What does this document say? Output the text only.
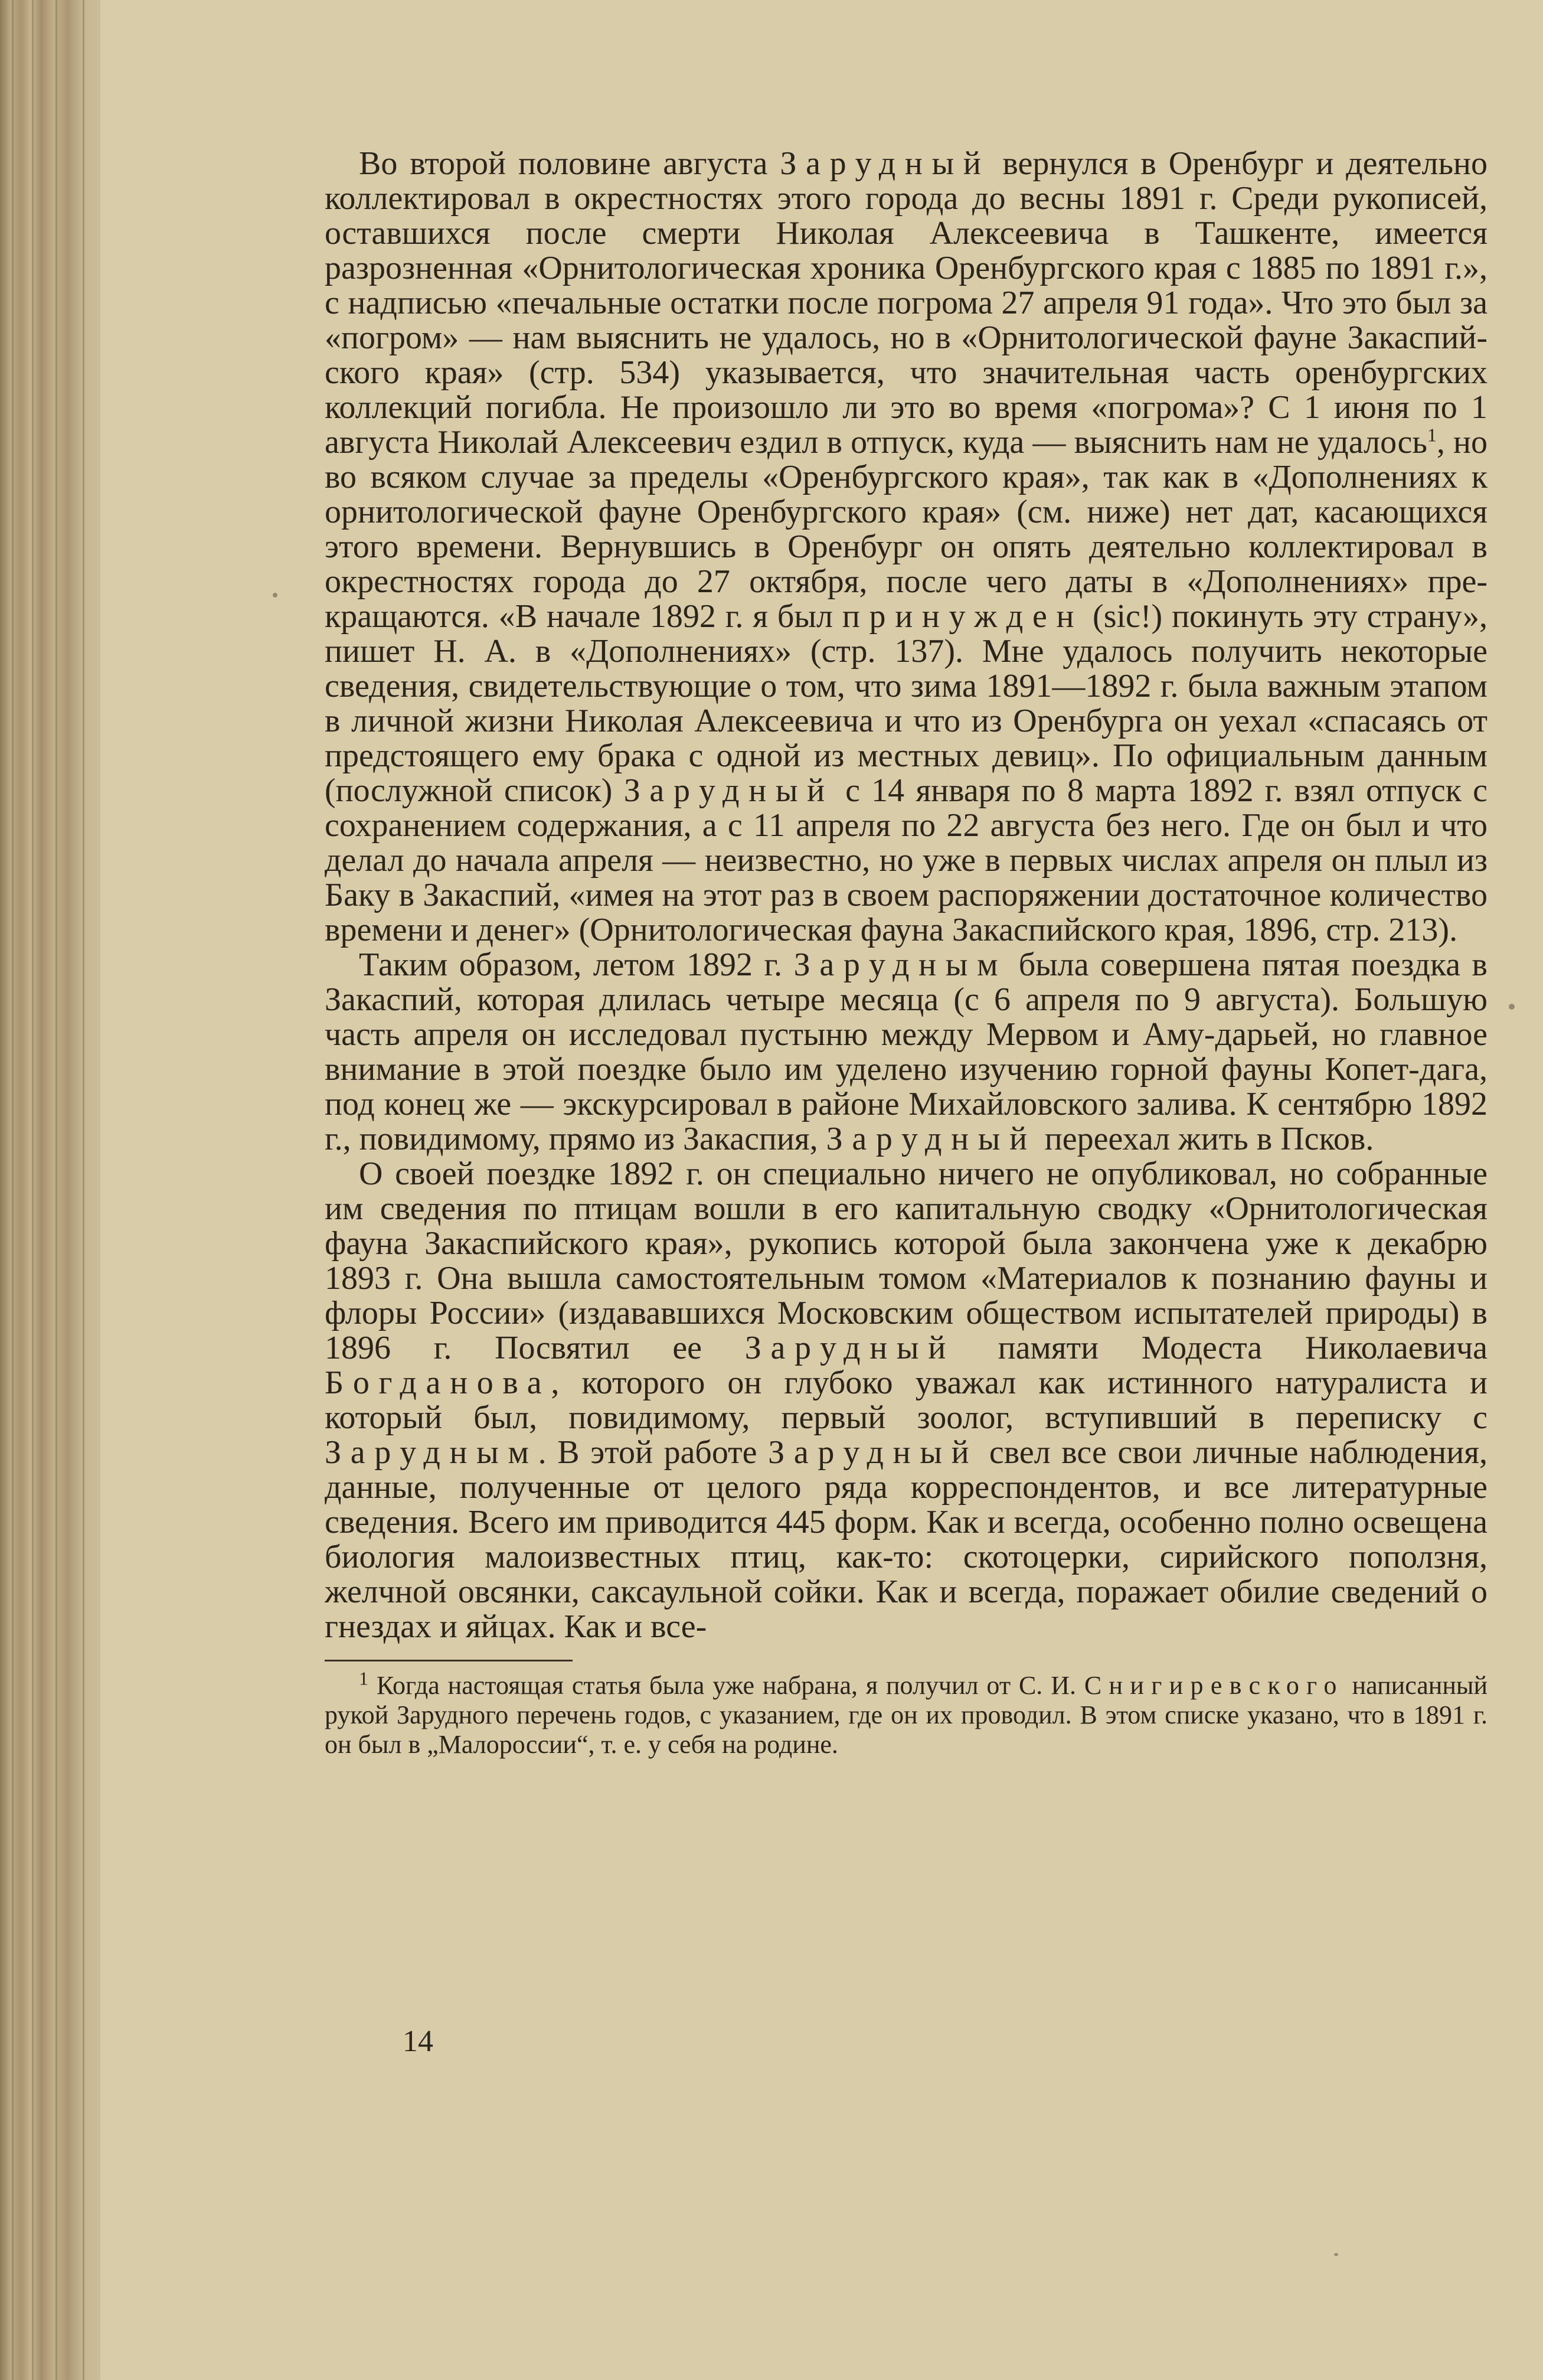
Во второй половине августа Зарудный вернулся в Оренбург и деятельно коллектировал в окрестностях этого города до весны 1891 г. Среди рукописей, оставшихся после смерти Николая Алексеевича в Ташкенте, имеется разрозненная «Орнитологическая хроника Оренбургского края с 1885 по 1891 г.», с надписью «печальные остатки после погрома 27 апреля 91 года». Что это был за «погром» — нам выяснить не удалось, но в «Орнитологической фауне Закаспийского края» (стр. 534) указывается, что значительная часть оренбургских коллекций погибла. Не произошло ли это во время «погрома»? С 1 июня по 1 августа Николай Алексеевич ездил в отпуск, куда — выяснить нам не удалось$^1$, но во всяком случае за пределы «Оренбургского края», так как в «Дополнениях к орнитологической фауне Оренбургского края» (см. ниже) нет дат, касающихся этого времени. Вернувшись в Оренбург он опять деятельно коллектировал в окрестностях города до 27 октября, после чего даты в «Дополнениях» прекращаются. «В начале 1892 г. я был принужден (sic!) покинуть эту страну», пишет Н. А. в «Дополнениях» (стр. 137). Мне удалось получить некоторые сведения, свидетельствующие о том, что зима 1891—1892 г. была важным этапом в личной жизни Николая Алексеевича и что из Оренбурга он уехал «спасаясь от предстоящего ему брака с одной из местных девиц». По официальным данным (послужной список) Зарудный с 14 января по 8 марта 1892 г. взял отпуск с сохранением содержания, а с 11 апреля по 22 августа без него. Где он был и что делал до начала апреля — неизвестно, но уже в первых числах апреля он плыл из Баку в Закаспий, «имея на этот раз в своем распоряжении достаточное количество времени и денег» (Орнитологическая фауна Закаспийского края, 1896, стр. 213).

Таким образом, летом 1892 г. Зарудным была совершена пятая поездка в Закаспий, которая длилась четыре месяца (с 6 апреля по 9 августа). Большую часть апреля он исследовал пустыню между Мервом и Аму-дарьей, но главное внимание в этой поездке было им уделено изучению горной фауны Копет-дага, под конец же — экскурсировал в районе Михайловского залива. К сентябрю 1892 г., повидимому, прямо из Закаспия, Зарудный переехал жить в Псков.

О своей поездке 1892 г. он специально ничего не опубликовал, но собранные им сведения по птицам вошли в его капитальную сводку «Орнитологическая фауна Закаспийского края», рукопись которой была закончена уже к декабрю 1893 г. Она вышла самостоятельным томом «Материалов к познанию фауны и флоры России» (издававшихся Московским обществом испытателей природы) в 1896 г. Посвятил ее Зарудный памяти Модеста Николаевича Богданова, которого он глубоко уважал как истинного натуралиста и который был, повидимому, первый зоолог, вступивший в переписку с Зарудным. В этой работе Зарудный свел все свои личные наблюдения, данные, полученные от целого ряда корреспондентов, и все литературные сведения. Всего им приводится 445 форм. Как и всегда, особенно полно освещена биология малоизвестных птиц, как-то: скотоцерки, сирийского поползня, желчной овсянки, саксаульной сойки. Как и всегда, поражает обилие сведений о гнездах и яйцах. Как и все-

$^1$ Когда настоящая статья была уже набрана, я получил от С. И. Снигиревского написанный рукой Зарудного перечень годов, с указанием, где он их проводил. В этом списке указано, что в 1891 г. он был в „Малороссии“, т. е. у себя на родине.

14
